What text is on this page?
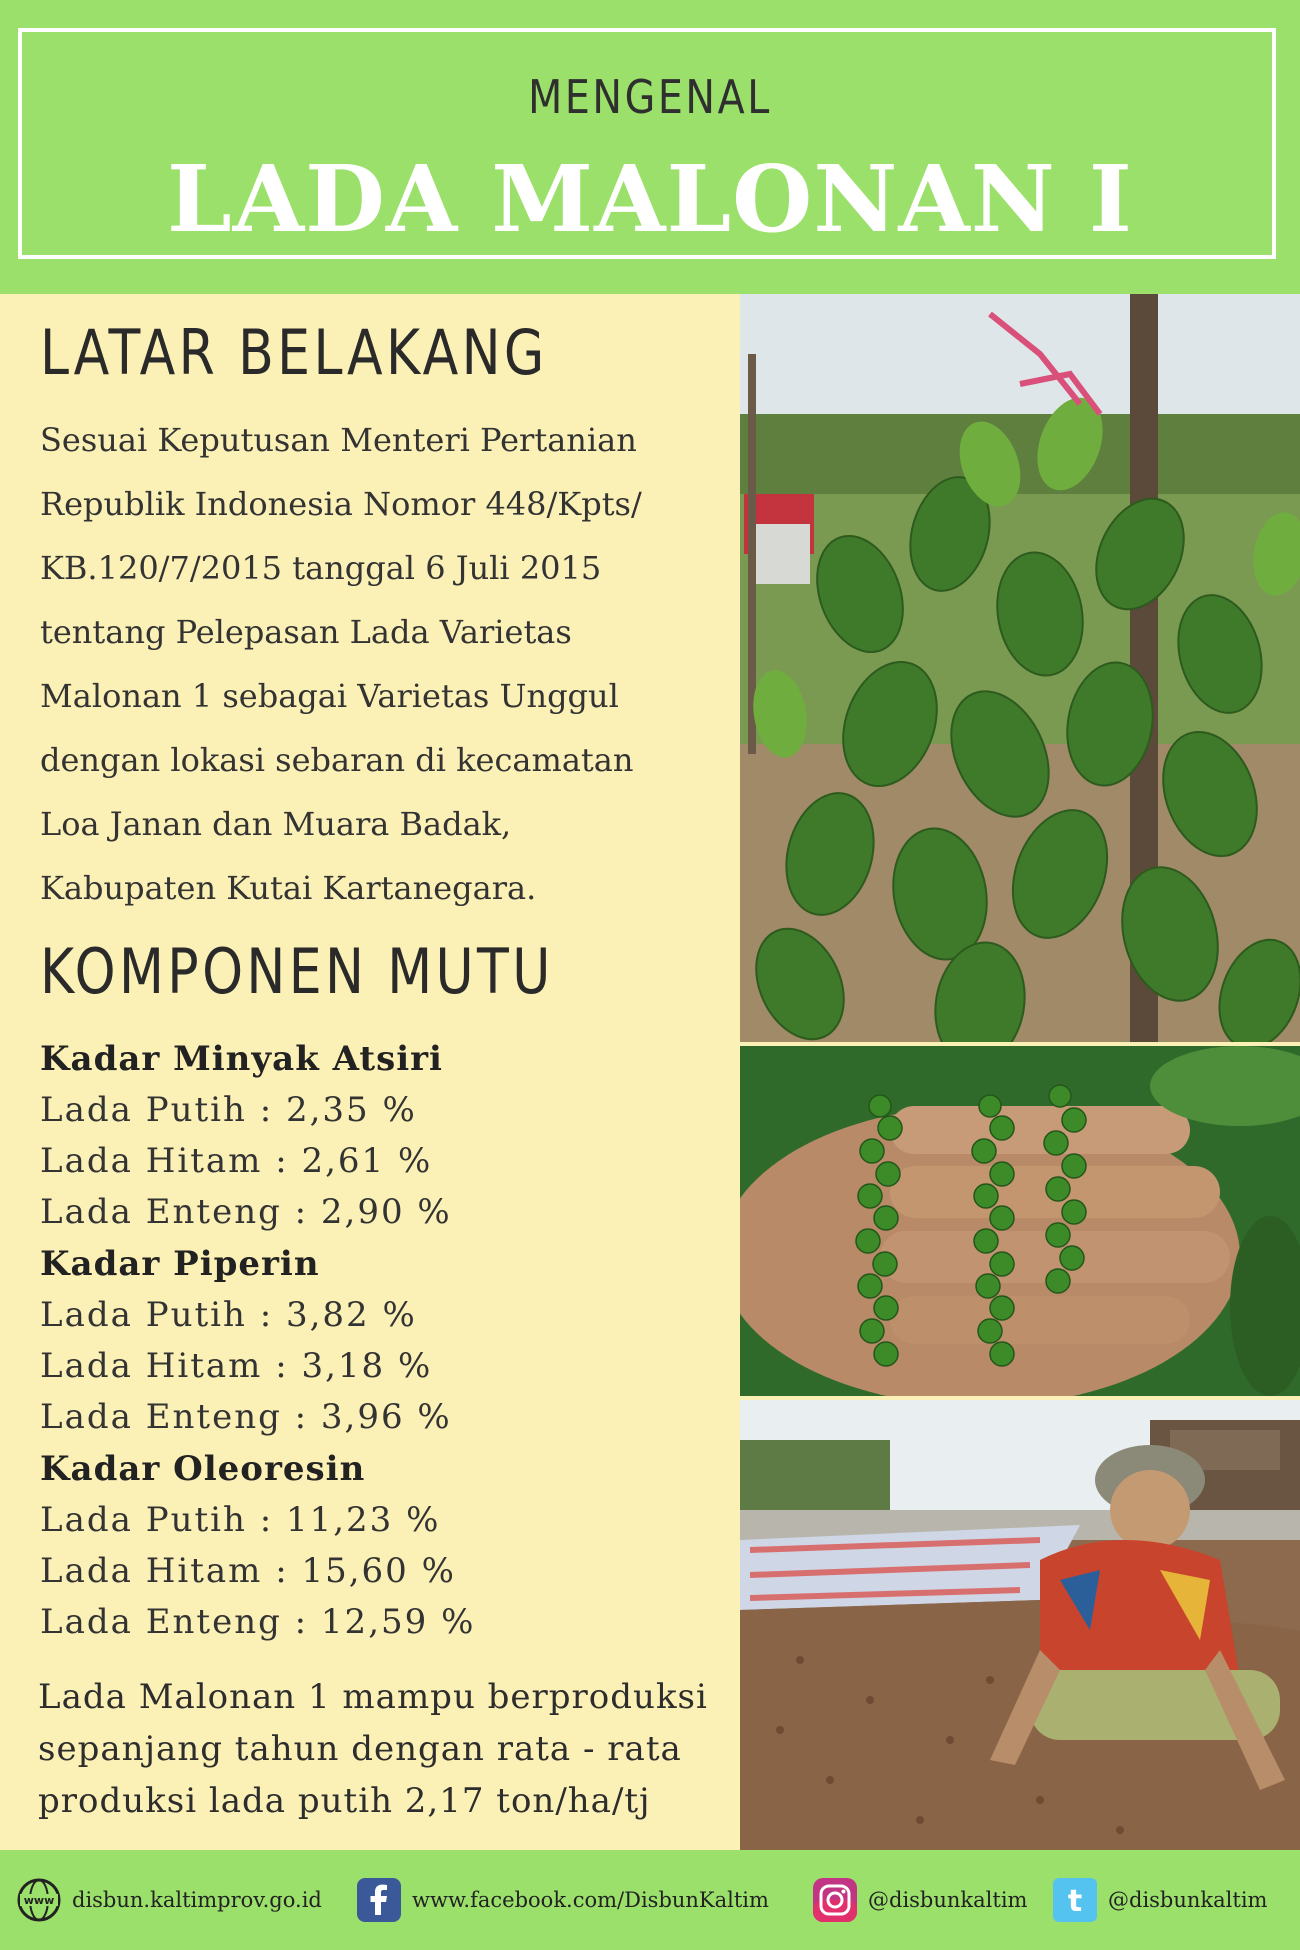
MENGENAL
LADA MALONAN I
LATAR BELAKANG
Sesuai Keputusan Menteri Pertanian
Republik Indonesia Nomor 448/Kpts/
KB.120/7/2015 tanggal 6 Juli 2015
tentang Pelepasan Lada Varietas
Malonan 1 sebagai Varietas Unggul
dengan lokasi sebaran di kecamatan
Loa Janan dan Muara Badak,
Kabupaten Kutai Kartanegara.
KOMPONEN MUTU
Kadar Minyak Atsiri
Lada Putih : 2,35 %
Lada Hitam : 2,61 %
Lada Enteng : 2,90 %
Kadar Piperin
Lada Putih : 3,82 %
Lada Hitam : 3,18 %
Lada Enteng : 3,96 %
Kadar Oleoresin
Lada Putih : 11,23 %
Lada Hitam : 15,60 %
Lada Enteng : 12,59 %
Lada Malonan 1 mampu berproduksi
sepanjang tahun dengan rata - rata
produksi lada putih 2,17 ton/ha/tj
www disbun.kaltimprov.go.id	www.facebook.com/DisbunKaltim	@disbunkaltim t @disbunkaltim
